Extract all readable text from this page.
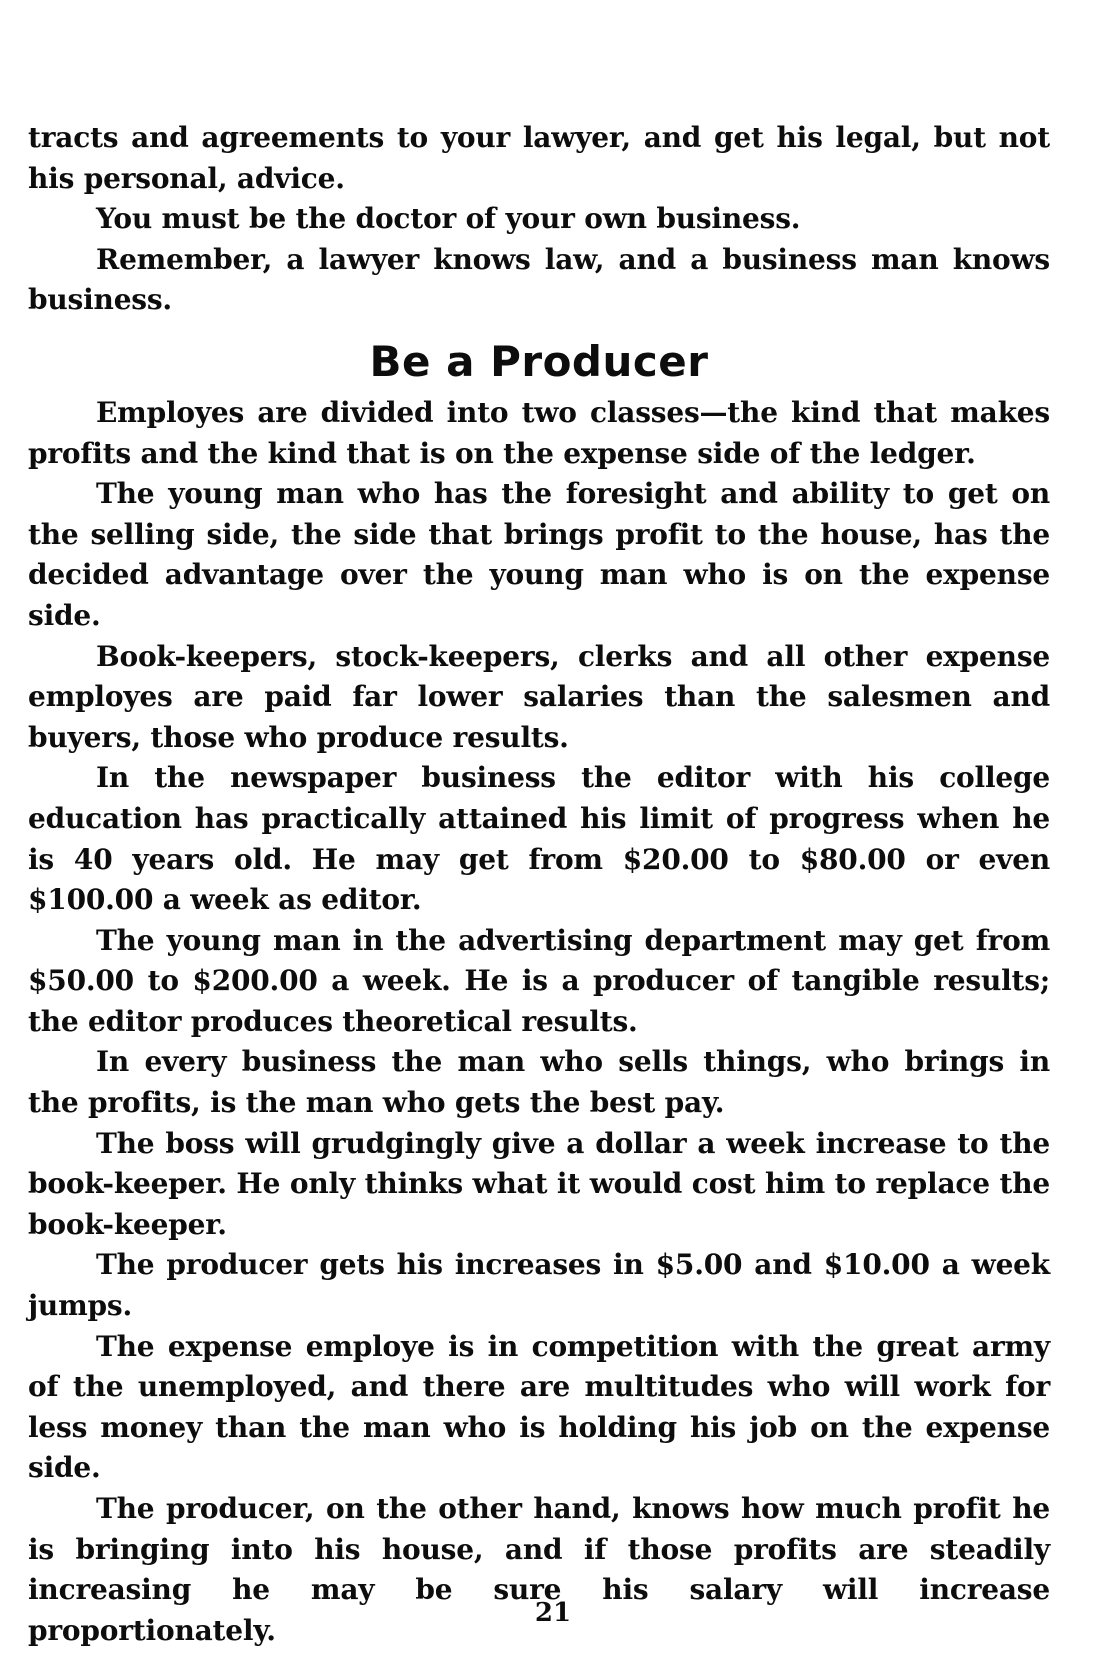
tracts and agreements to your lawyer, and get his legal, but not his personal, advice.

You must be the doctor of your own business.

Remember, a lawyer knows law, and a business man knows business.

Be a Producer

Employes are divided into two classes—the kind that makes profits and the kind that is on the expense side of the ledger.

The young man who has the foresight and ability to get on the selling side, the side that brings profit to the house, has the decided advantage over the young man who is on the expense side.

Book-keepers, stock-keepers, clerks and all other expense employes are paid far lower salaries than the salesmen and buyers, those who produce results.

In the newspaper business the editor with his college education has practically attained his limit of progress when he is 40 years old. He may get from $20.00 to $80.00 or even $100.00 a week as editor.

The young man in the advertising department may get from $50.00 to $200.00 a week. He is a producer of tangible results; the editor produces theoretical results.

In every business the man who sells things, who brings in the profits, is the man who gets the best pay.

The boss will grudgingly give a dollar a week increase to the book-keeper. He only thinks what it would cost him to replace the book-keeper.

The producer gets his increases in $5.00 and $10.00 a week jumps.

The expense employe is in competition with the great army of the unemployed, and there are multitudes who will work for less money than the man who is holding his job on the expense side.

The producer, on the other hand, knows how much profit he is bringing into his house, and if those profits are steadily increasing he may be sure his salary will increase proportionately.

21
